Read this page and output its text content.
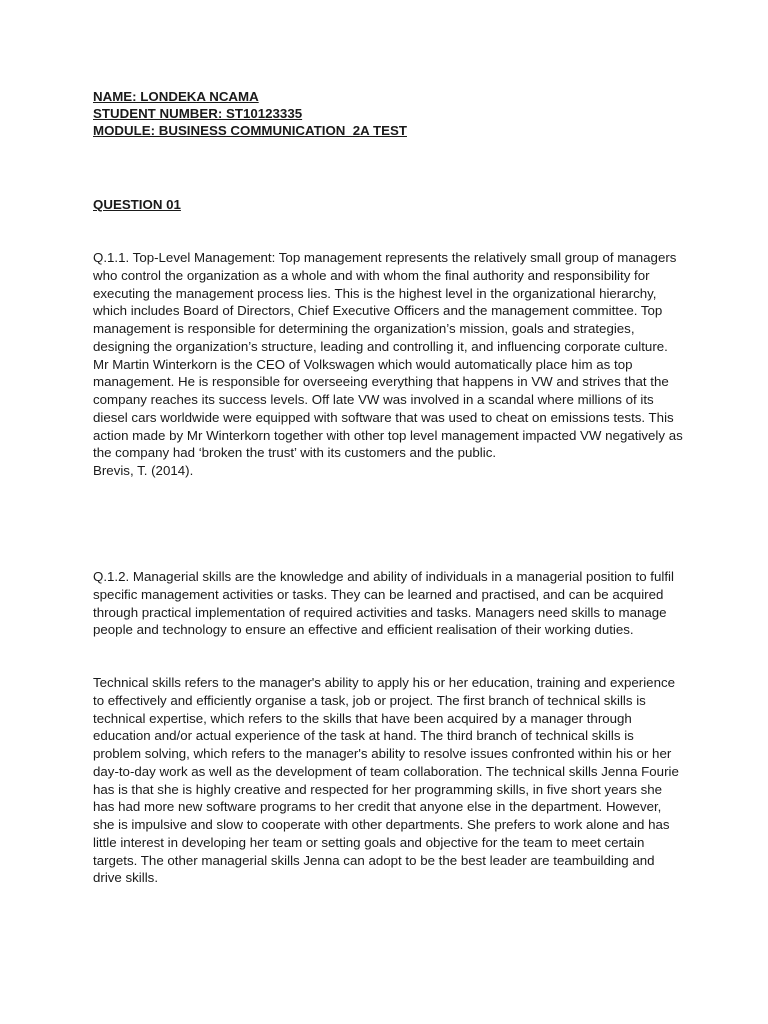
NAME: LONDEKA NCAMA
STUDENT NUMBER: ST10123335
MODULE: BUSINESS COMMUNICATION  2A TEST
QUESTION 01
Q.1.1. Top-Level Management: Top management represents the relatively small group of managers who control the organization as a whole and with whom the final authority and responsibility for executing the management process lies. This is the highest level in the organizational hierarchy, which includes Board of Directors, Chief Executive Officers and the management committee. Top management is responsible for determining the organization’s mission, goals and strategies, designing the organization’s structure, leading and controlling it, and influencing corporate culture. Mr Martin Winterkorn is the CEO of Volkswagen which would automatically place him as top management. He is responsible for overseeing everything that happens in VW and strives that the company reaches its success levels. Off late VW was involved in a scandal where millions of its diesel cars worldwide were equipped with software that was used to cheat on emissions tests. This action made by Mr Winterkorn together with other top level management impacted VW negatively as the company had ‘broken the trust’ with its customers and the public.
Brevis, T. (2014).

Q.1.2. Managerial skills are the knowledge and ability of individuals in a managerial position to fulfil specific management activities or tasks. They can be learned and practised, and can be acquired through practical implementation of required activities and tasks. Managers need skills to manage people and technology to ensure an effective and efficient realisation of their working duties.

Technical skills refers to the manager's ability to apply his or her education, training and experience to effectively and efficiently organise a task, job or project. The first branch of technical skills is technical expertise, which refers to the skills that have been acquired by a manager through education and/or actual experience of the task at hand. The third branch of technical skills is problem solving, which refers to the manager's ability to resolve issues confronted within his or her day-to-day work as well as the development of team collaboration. The technical skills Jenna Fourie has is that she is highly creative and respected for her programming skills, in five short years she has had more new software programs to her credit that anyone else in the department. However, she is impulsive and slow to cooperate with other departments. She prefers to work alone and has little interest in developing her team or setting goals and objective for the team to meet certain targets. The other managerial skills Jenna can adopt to be the best leader are teambuilding and drive skills.
